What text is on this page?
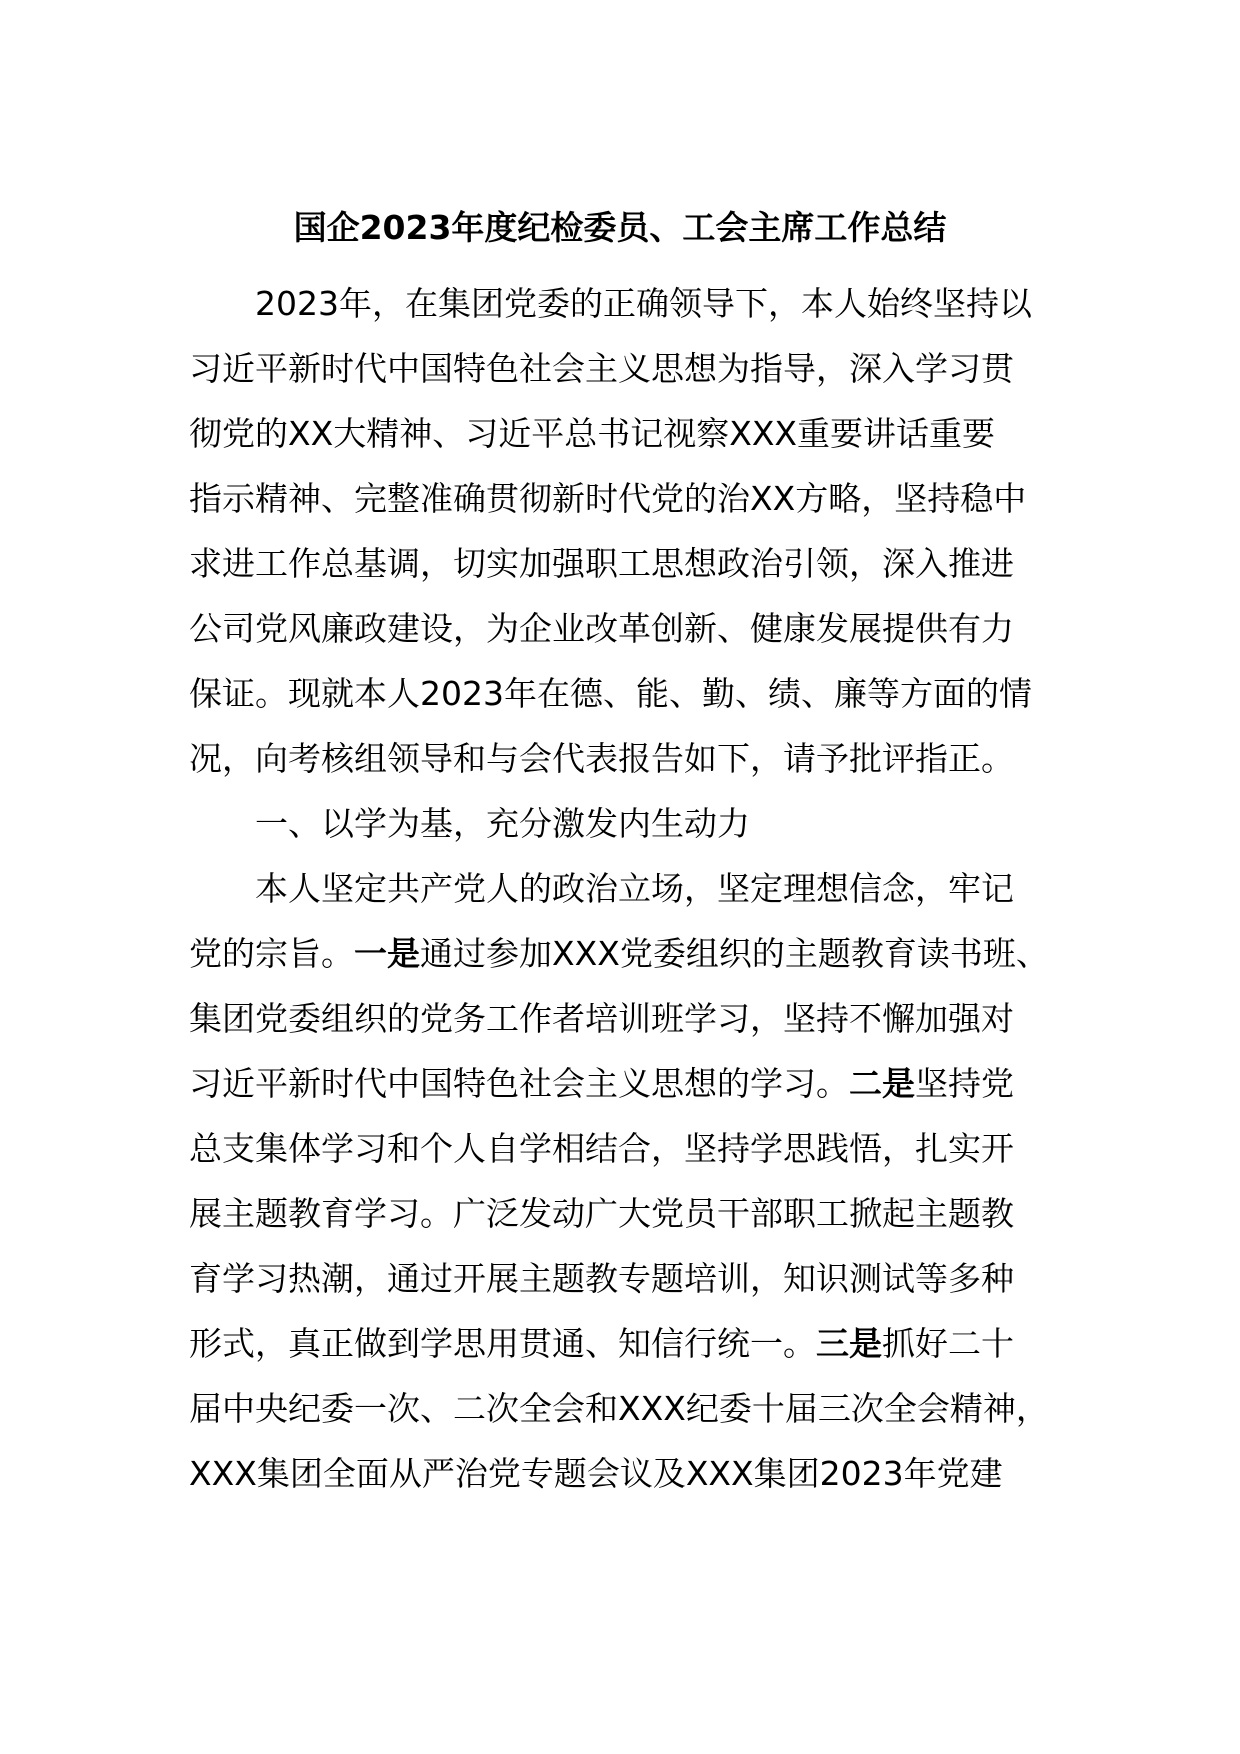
国企2023年度纪检委员、工会主席工作总结
2023年，在集团党委的正确领导下，本人始终坚持以
习近平新时代中国特色社会主义思想为指导，深入学习贯
彻党的XX大精神、习近平总书记视察XXX重要讲话重要
指示精神、完整准确贯彻新时代党的治XX方略，坚持稳中
求进工作总基调，切实加强职工思想政治引领，深入推进
公司党风廉政建设，为企业改革创新、健康发展提供有力
保证。现就本人2023年在德、能、勤、绩、廉等方面的情
况，向考核组领导和与会代表报告如下，请予批评指正。
一、以学为基，充分激发内生动力
本人坚定共产党人的政治立场，坚定理想信念，牢记
党的宗旨。一是通过参加XXX党委组织的主题教育读书班、
集团党委组织的党务工作者培训班学习，坚持不懈加强对
习近平新时代中国特色社会主义思想的学习。二是坚持党
总支集体学习和个人自学相结合，坚持学思践悟，扎实开
展主题教育学习。广泛发动广大党员干部职工掀起主题教
育学习热潮，通过开展主题教专题培训，知识测试等多种
形式，真正做到学思用贯通、知信行统一。三是抓好二十
届中央纪委一次、二次全会和XXX纪委十届三次全会精神，
XXX集团全面从严治党专题会议及XXX集团2023年党建
